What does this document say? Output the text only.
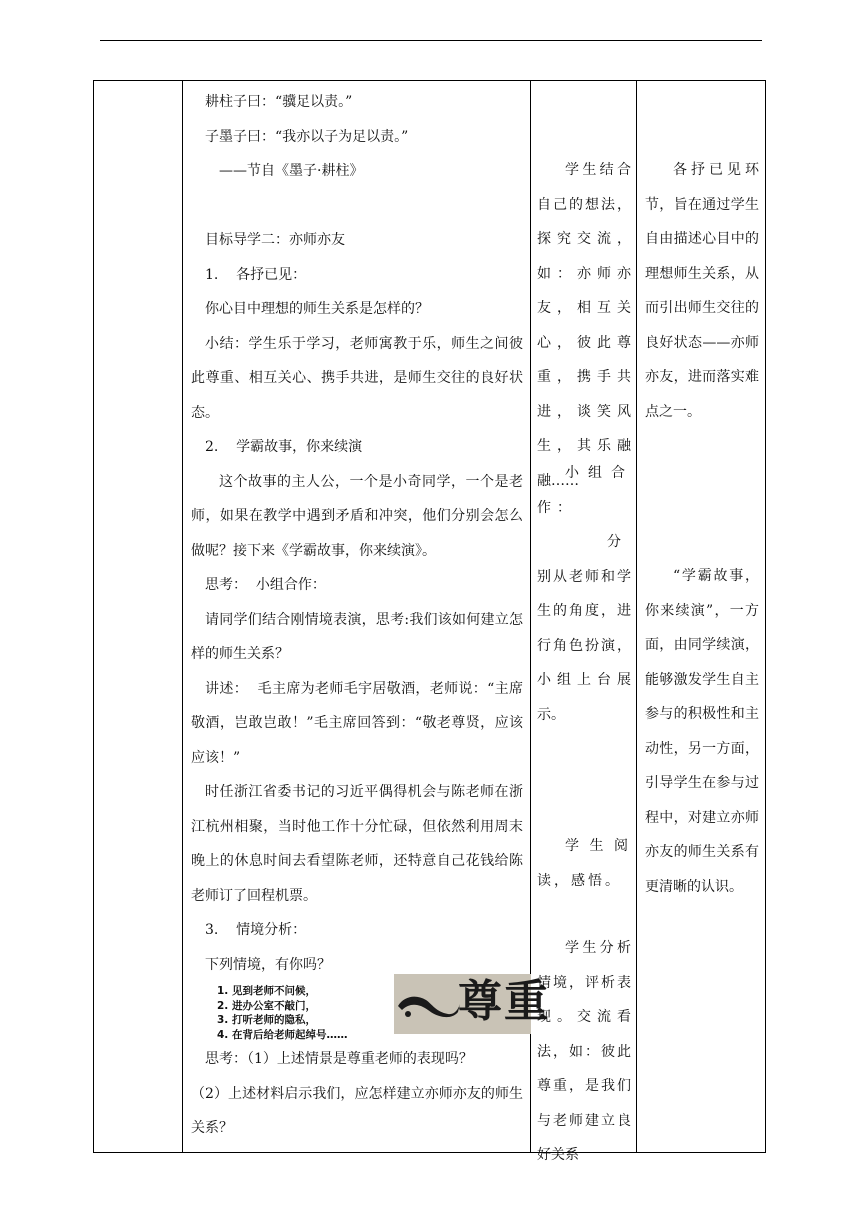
耕柱子曰：“骥足以责。”

子墨子曰：“我亦以子为足以责。”

——节自《墨子·耕柱》

目标导学二：亦师亦友

1. 各抒已见：

你心目中理想的师生关系是怎样的？

小结：学生乐于学习，老师寓教于乐，师生之间彼此尊重、相互关心、携手共进，是师生交往的良好状态。

2. 学霸故事，你来续演

这个故事的主人公，一个是小奇同学，一个是老师，如果在教学中遇到矛盾和冲突，他们分别会怎么做呢？接下来《学霸故事，你来续演》。

思考：  小组合作：

请同学们结合刚情境表演，思考:我们该如何建立怎样的师生关系？

讲述：  毛主席为老师毛宇居敬酒，老师说：“主席敬酒，岂敢岂敢！”毛主席回答到：“敬老尊贤，应该应该！”

时任浙江省委书记的习近平偶得机会与陈老师在浙江杭州相聚，当时他工作十分忙碌，但依然利用周末晚上的休息时间去看望陈老师，还特意自己花钱给陈老师订了回程机票。

3. 情境分析：

下列情境，有你吗？

1. 见到老师不问候，
2. 进办公室不敲门，
3. 打听老师的隐私，
4. 在背后给老师起绰号……
尊重

思考：（1）上述情景是尊重老师的表现吗？

（2）上述材料启示我们，应怎样建立亦师亦友的师生关系？

学生结合自己的想法，探究交流，如：亦师亦友，相互关心，彼此尊重，携手共进，谈笑风生，其乐融融……

小组合作：

分别从老师和学生的角度，进行角色扮演，小组上台展示。

学生阅读，感悟。

学生分析情境，评析表现。交流看法，如：彼此尊重，是我们与老师建立良好关系

各抒已见环节，旨在通过学生自由描述心目中的理想师生关系，从而引出师生交往的良好状态——亦师亦友，进而落实难点之一。

“学霸故事，你来续演”，一方面，由同学续演，能够激发学生自主参与的积极性和主动性，另一方面，引导学生在参与过程中，对建立亦师亦友的师生关系有更清晰的认识。
